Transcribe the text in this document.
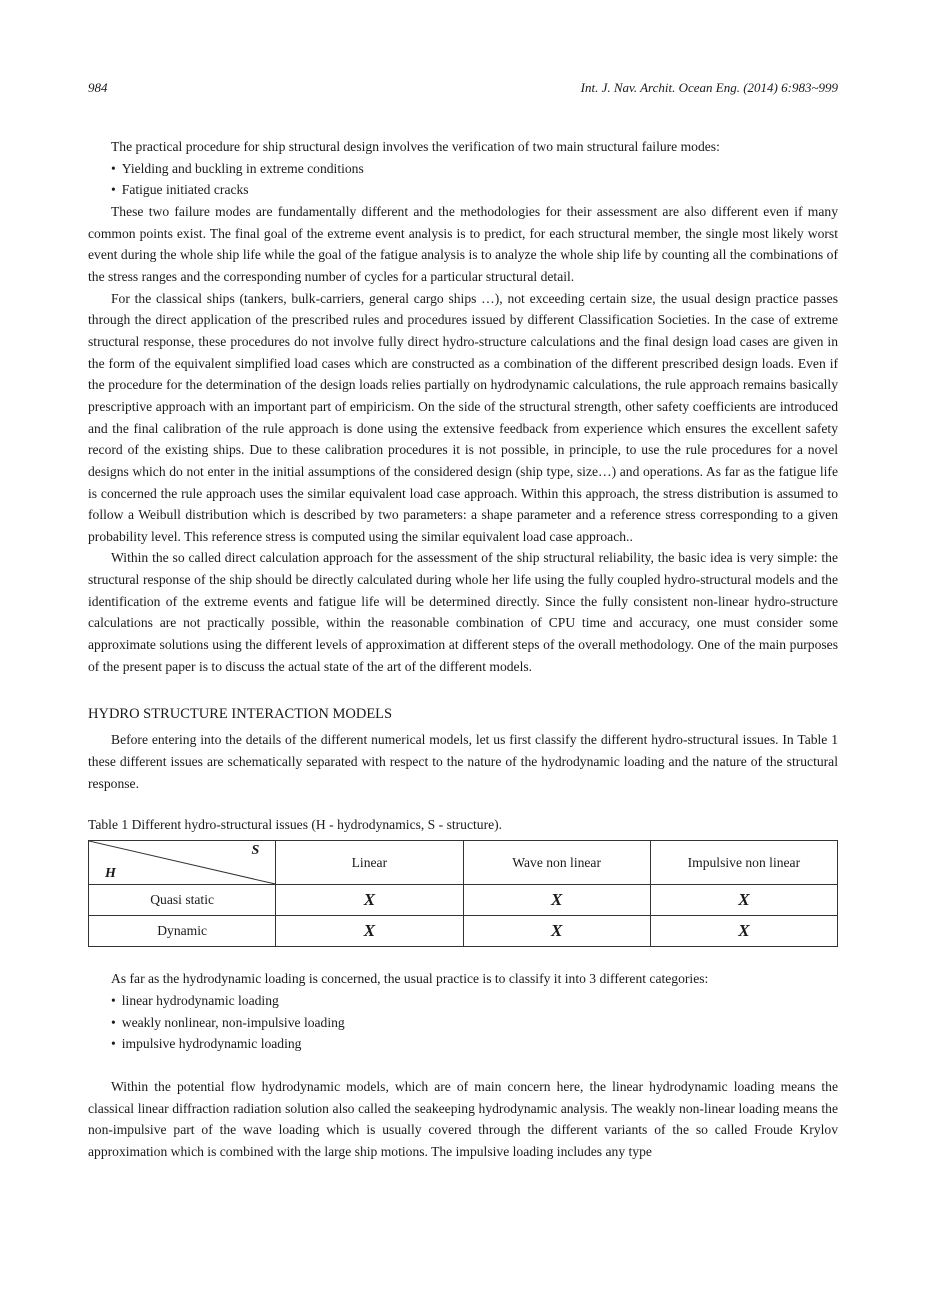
984	Int. J. Nav. Archit. Ocean Eng. (2014) 6:983~999

The practical procedure for ship structural design involves the verification of two main structural failure modes:

• Yielding and buckling in extreme conditions
• Fatigue initiated cracks

These two failure modes are fundamentally different and the methodologies for their assessment are also different even if many common points exist. The final goal of the extreme event analysis is to predict, for each structural member, the single most likely worst event during the whole ship life while the goal of the fatigue analysis is to analyze the whole ship life by counting all the combinations of the stress ranges and the corresponding number of cycles for a particular structural detail.

For the classical ships (tankers, bulk-carriers, general cargo ships …), not exceeding certain size, the usual design practice passes through the direct application of the prescribed rules and procedures issued by different Classification Societies. In the case of extreme structural response, these procedures do not involve fully direct hydro-structure calculations and the final design load cases are given in the form of the equivalent simplified load cases which are constructed as a combination of the different prescribed design loads. Even if the procedure for the determination of the design loads relies partially on hydrodynamic calculations, the rule approach remains basically prescriptive approach with an important part of empiricism. On the side of the structural strength, other safety coefficients are introduced and the final calibration of the rule approach is done using the extensive feedback from experience which ensures the excellent safety record of the existing ships. Due to these calibration procedures it is not possible, in principle, to use the rule procedures for a novel designs which do not enter in the initial assumptions of the considered design (ship type, size…) and operations. As far as the fatigue life is concerned the rule approach uses the similar equivalent load case approach. Within this approach, the stress distribution is assumed to follow a Weibull distribution which is described by two parameters: a shape parameter and a reference stress corresponding to a given probability level. This reference stress is computed using the similar equivalent load case approach..

Within the so called direct calculation approach for the assessment of the ship structural reliability, the basic idea is very simple: the structural response of the ship should be directly calculated during whole her life using the fully coupled hydro-structural models and the identification of the extreme events and fatigue life will be determined directly. Since the fully consistent non-linear hydro-structure calculations are not practically possible, within the reasonable combination of CPU time and accuracy, one must consider some approximate solutions using the different levels of approximation at different steps of the overall methodology. One of the main purposes of the present paper is to discuss the actual state of the art of the different models.

HYDRO STRUCTURE INTERACTION MODELS

Before entering into the details of the different numerical models, let us first classify the different hydro-structural issues. In Table 1 these different issues are schematically separated with respect to the nature of the hydrodynamic loading and the nature of the structural response.

Table 1 Different hydro-structural issues (H - hydrodynamics, S - structure).
S
H	Linear	Wave non linear	Impulsive non linear
Quasi static	X	X	X
Dynamic	X	X	X

As far as the hydrodynamic loading is concerned, the usual practice is to classify it into 3 different categories:

• linear hydrodynamic loading
• weakly nonlinear, non-impulsive loading
• impulsive hydrodynamic loading

Within the potential flow hydrodynamic models, which are of main concern here, the linear hydrodynamic loading means the classical linear diffraction radiation solution also called the seakeeping hydrodynamic analysis. The weakly non-linear loading means the non-impulsive part of the wave loading which is usually covered through the different variants of the so called Froude Krylov approximation which is combined with the large ship motions. The impulsive loading includes any type
